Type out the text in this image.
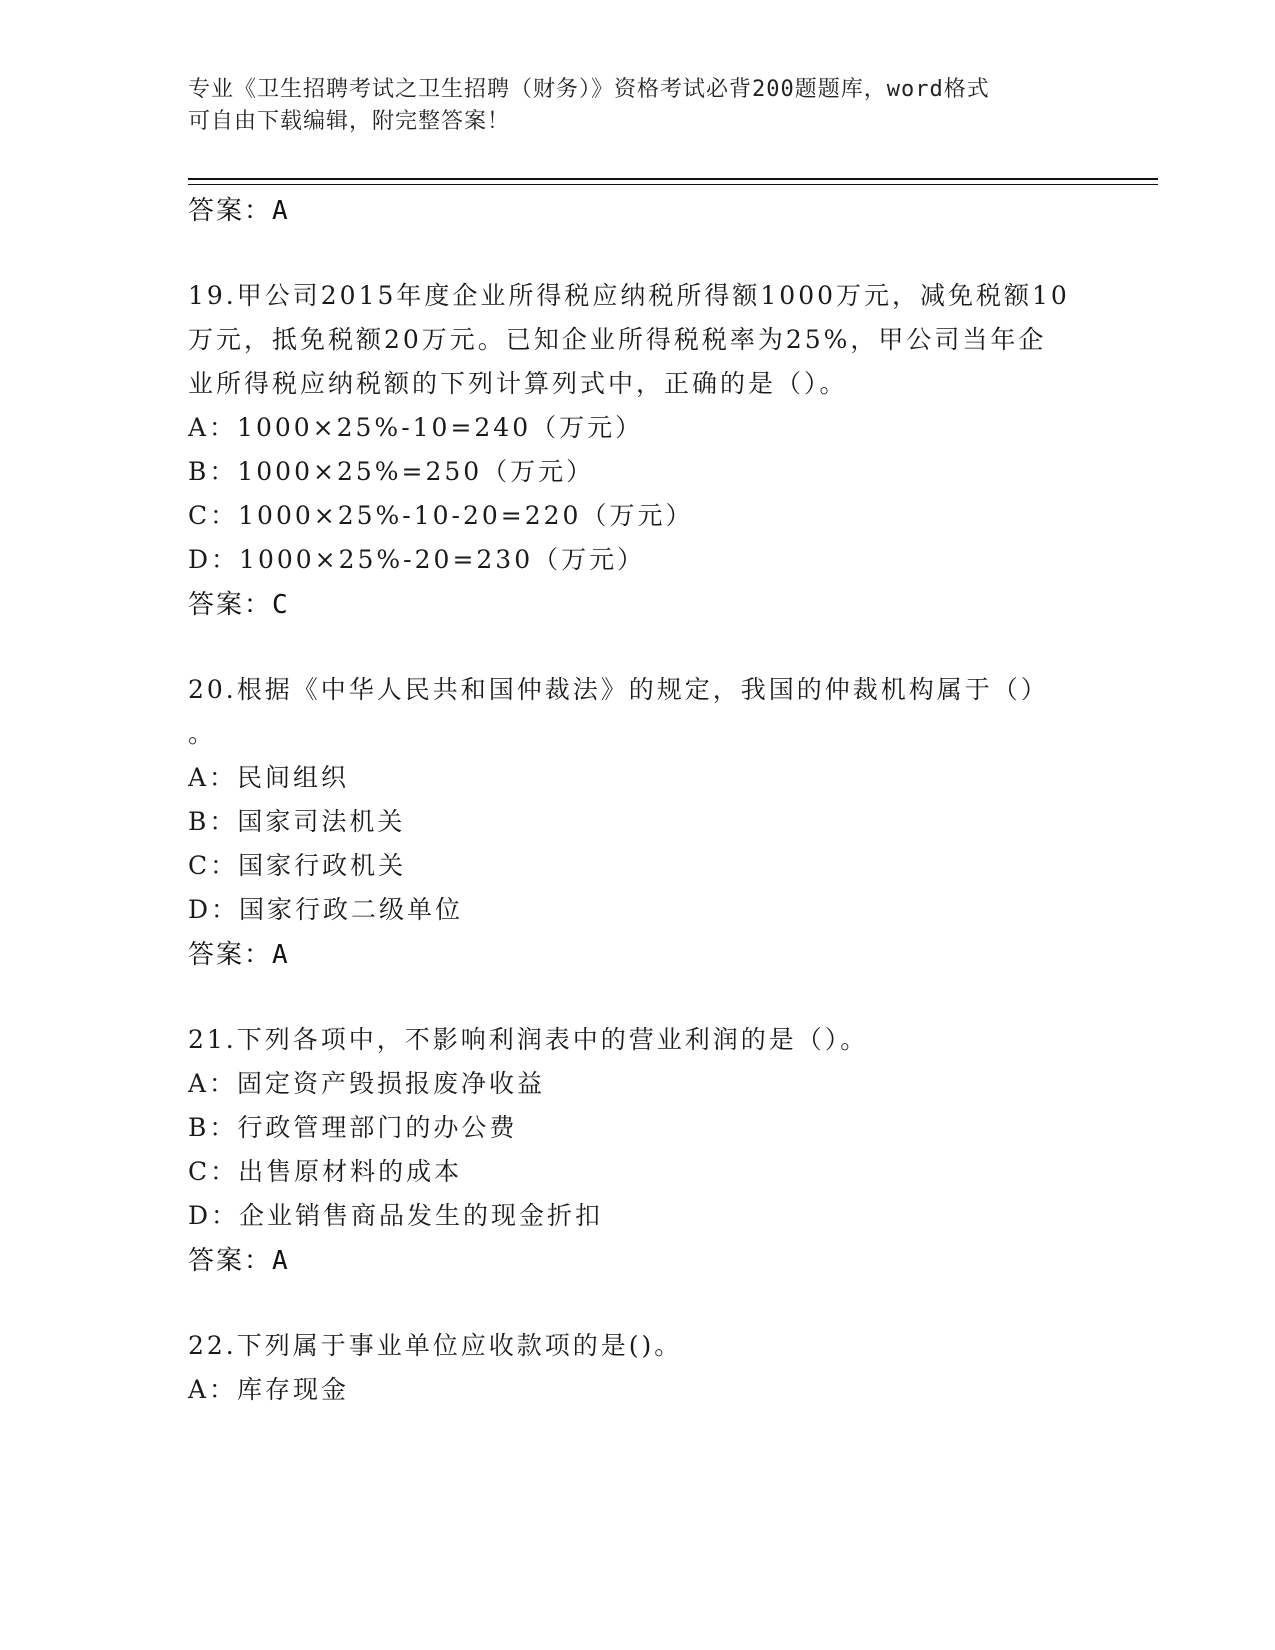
专业《卫生招聘考试之卫生招聘（财务）》资格考试必背200题题库，word格式
可自由下载编辑，附完整答案！
答案：A
19.甲公司2015年度企业所得税应纳税所得额1000万元，减免税额10
万元，抵免税额20万元。已知企业所得税税率为25%，甲公司当年企
业所得税应纳税额的下列计算列式中，正确的是（）。
A：1000×25%-10=240（万元）
B：1000×25%=250（万元）
C：1000×25%-10-20=220（万元）
D：1000×25%-20=230（万元）
答案：C
20.根据《中华人民共和国仲裁法》的规定，我国的仲裁机构属于（）
。
A：民间组织
B：国家司法机关
C：国家行政机关
D：国家行政二级单位
答案：A
21.下列各项中，不影响利润表中的营业利润的是（）。
A：固定资产毁损报废净收益
B：行政管理部门的办公费
C：出售原材料的成本
D：企业销售商品发生的现金折扣
答案：A
22.下列属于事业单位应收款项的是()。
A：库存现金
